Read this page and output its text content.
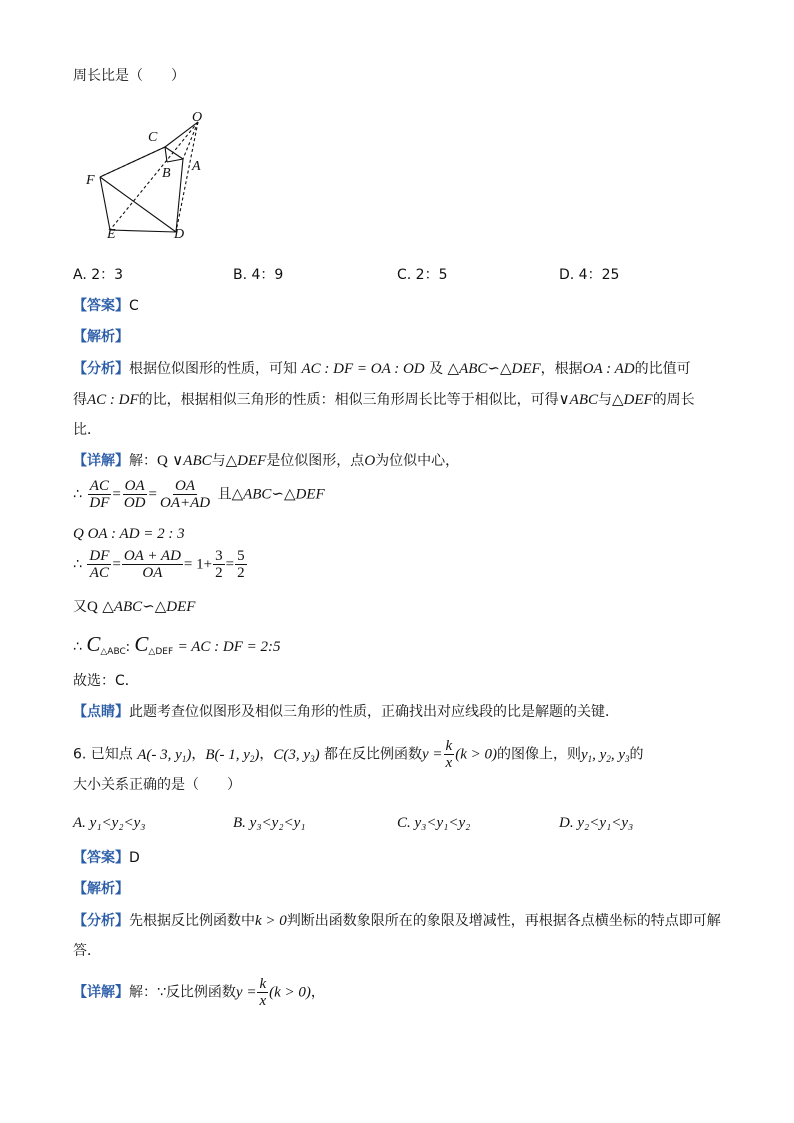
周长比是（　　）
O
C
A
B
F
E	D
A. 2：3	B. 4：9	C. 2：5	D. 4：25
【答案】C
【解析】
【分析】根据位似图形的性质，可知 AC : DF = OA : OD 及 △ABC∽△DEF，根据OA : AD的比值可
得AC : DF的比，根据相似三角形的性质：相似三角形周长比等于相似比，可得∨ABC与△DEF的周长
比．
【详解】解：Q ∨ABC与△DEF是位似图形，点O为位似中心，
∴ $\frac{AC}{DF} = \frac{OA}{OD} = \frac{OA}{OA+AD}$ 且△ABC∽△DEF
Q OA : AD = 2 : 3
∴ $\frac{DF}{AC} = \frac{OA + AD}{OA} = 1+ \frac{3}{2} = \frac{5}{2}$
又Q △ABC∽△DEF
∴ $C_{\triangle ABC}$: $C_{\triangle DEF}$ = AC : DF = 2:5
故选：C．
【点睛】此题考查位似图形及相似三角形的性质，正确找出对应线段的比是解题的关键．
6. 已知点 A(- 3, $y_1$)，B(- 1, $y_2$)，C(3, $y_3$) 都在反比例函数$y = \frac{k}{x} (k > 0)$的图像上，则$y_1$, $y_2$, $y_3$的
大小关系正确的是（　　）
A. y₁<y₂<y₃	B. y₃<y₂<y₁	C. y₃<y₁<y₂	D. y₂<y₁<y₃
【答案】D
【解析】
【分析】先根据反比例函数中k > 0判断出函数象限所在的象限及增减性，再根据各点横坐标的特点即可解
答．
【详解】解：∵反比例函数$y = \frac{k}{x} (k > 0)$，
